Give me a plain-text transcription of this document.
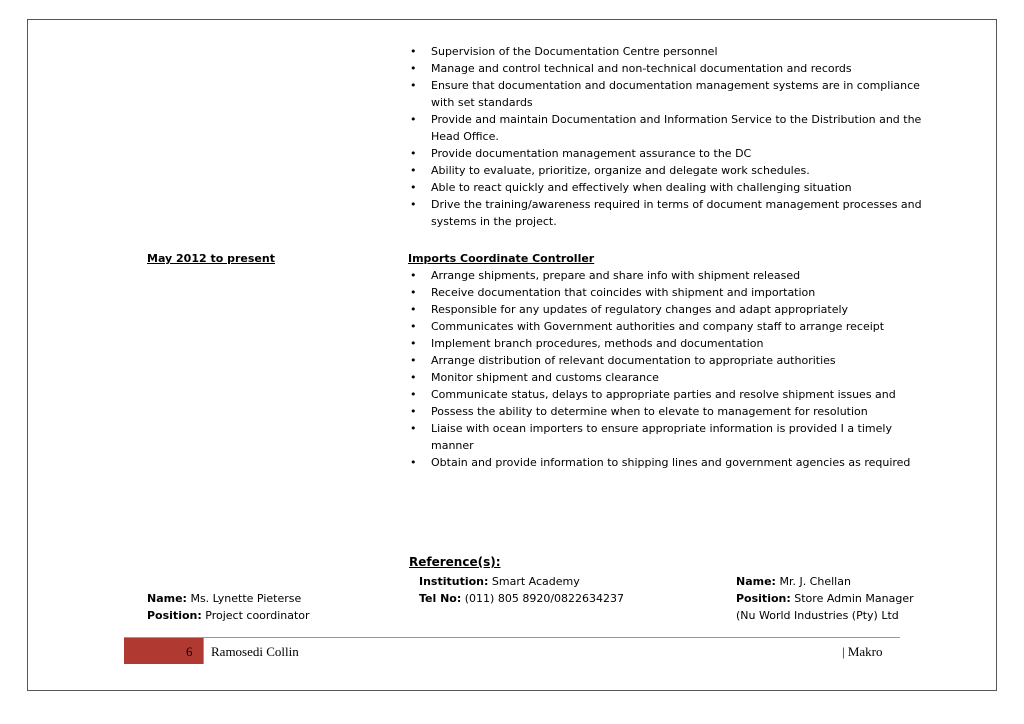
• Supervision of the Documentation Centre personnel
• Manage and control technical and non-technical documentation and records
• Ensure that documentation and documentation management systems are in compliance with set standards
• Provide and maintain Documentation and Information Service to the Distribution and the Head Office.
• Provide documentation management assurance to the DC
• Ability to evaluate, prioritize, organize and delegate work schedules.
• Able to react quickly and effectively when dealing with challenging situation
• Drive the training/awareness required in terms of document management processes and systems in the project.
May 2012 to present	Imports Coordinate Controller
• Arrange shipments, prepare and share info with shipment released
• Receive documentation that coincides with shipment and importation
• Responsible for any updates of regulatory changes and adapt appropriately
• Communicates with Government authorities and company staff to arrange receipt
• Implement branch procedures, methods and documentation
• Arrange distribution of relevant documentation to appropriate authorities
• Monitor shipment and customs clearance
• Communicate status, delays to appropriate parties and resolve shipment issues and
• Possess the ability to determine when to elevate to management for resolution
• Liaise with ocean importers to ensure appropriate information is provided I a timely manner
• Obtain and provide information to shipping lines and government agencies as required
Reference(s):
Institution: Smart Academy
Tel No: (011) 805 8920/0822634237
Name: Ms. Lynette Pieterse
Position: Project coordinator
Name: Mr. J. Chellan
Position: Store Admin Manager
(Nu World Industries (Pty) Ltd
6 Ramosedi Collin	| Makro
